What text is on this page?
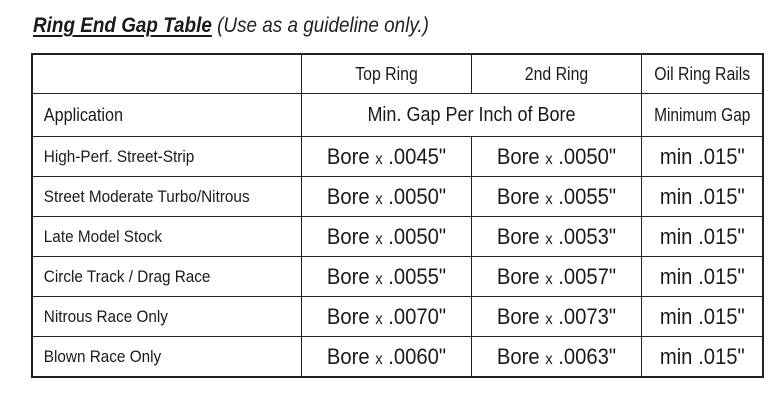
Ring End Gap Table (Use as a guideline only.)

	Top Ring	2nd Ring	Oil Ring Rails

Application	Min. Gap Per Inch of Bore		Minimum Gap

High-Perf. Street-Strip	Bore x .0045"	Bore x .0050"	min .015"

Street Moderate Turbo/Nitrous	Bore x .0050"	Bore x .0055"	min .015"

Late Model Stock	Bore x .0050"	Bore x .0053"	min .015"

Circle Track / Drag Race	Bore x .0055"	Bore x .0057"	min .015"

Nitrous Race Only	Bore x .0070"	Bore x .0073"	min .015"

Blown Race Only	Bore x .0060"	Bore x .0063"	min .015"
